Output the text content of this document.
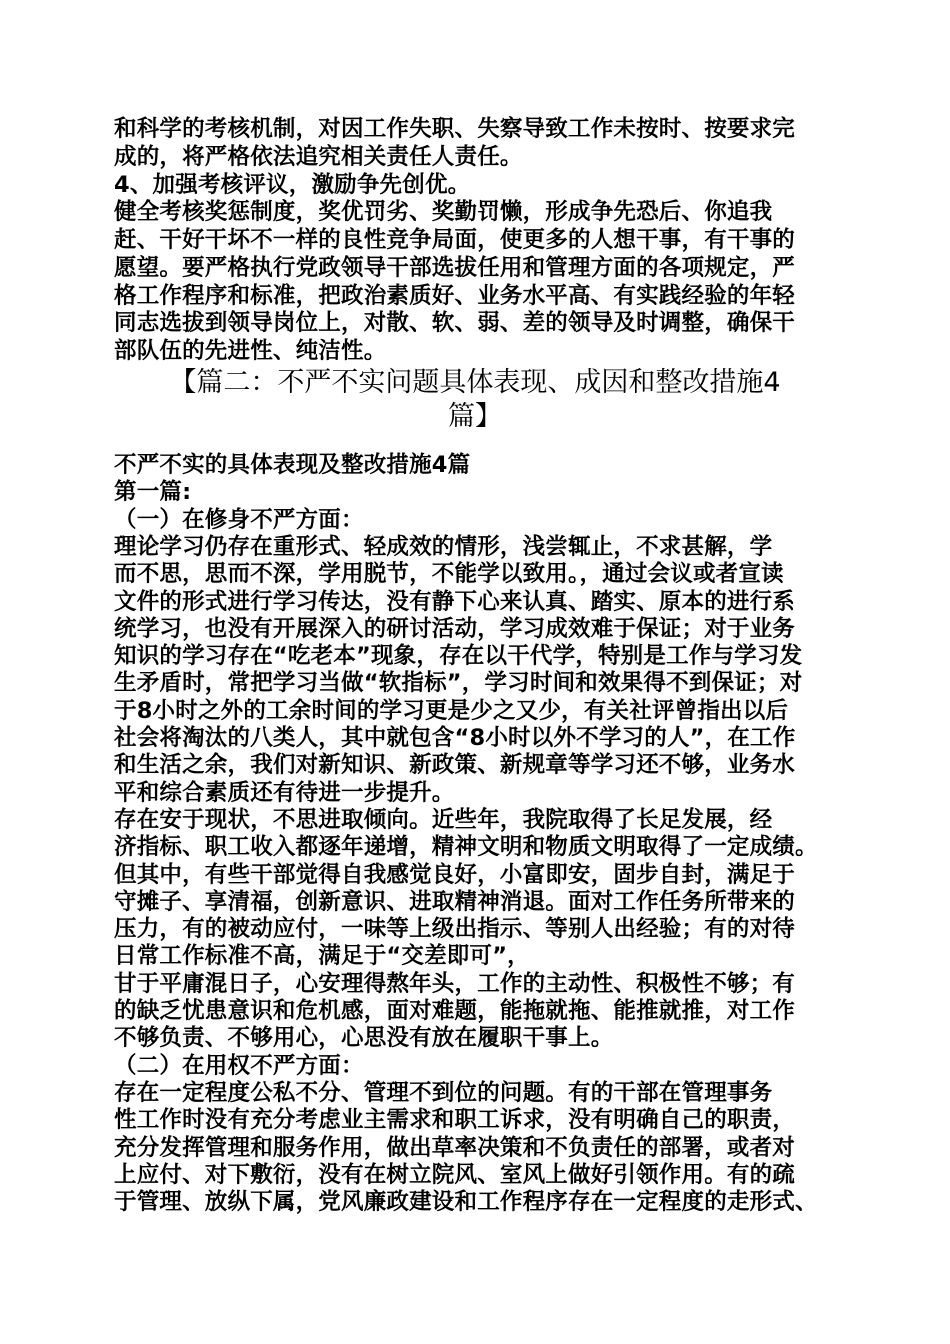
和科学的考核机制，对因工作失职、失察导致工作未按时、按要求完
成的，将严格依法追究相关责任人责任。
4、加强考核评议，激励争先创优。
健全考核奖惩制度，奖优罚劣、奖勤罚懒，形成争先恐后、你追我
赶、干好干坏不一样的良性竞争局面，使更多的人想干事，有干事的
愿望。要严格执行党政领导干部选拔任用和管理方面的各项规定，严
格工作程序和标准，把政治素质好、业务水平高、有实践经验的年轻
同志选拔到领导岗位上，对散、软、弱、差的领导及时调整，确保干
部队伍的先进性、纯洁性。
【篇二：不严不实问题具体表现、成因和整改措施4
篇】
不严不实的具体表现及整改措施4篇
第一篇:
（一）在修身不严方面：
理论学习仍存在重形式、轻成效的情形，浅尝辄止，不求甚解，学
而不思，思而不深，学用脱节，不能学以致用。，通过会议或者宣读
文件的形式进行学习传达，没有静下心来认真、踏实、原本的进行系
统学习，也没有开展深入的研讨活动，学习成效难于保证；对于业务
知识的学习存在“吃老本”现象，存在以干代学，特别是工作与学习发
生矛盾时，常把学习当做“软指标”，学习时间和效果得不到保证；对
于8小时之外的工余时间的学习更是少之又少，有关社评曾指出以后
社会将淘汰的八类人，其中就包含“8小时以外不学习的人”，在工作
和生活之余，我们对新知识、新政策、新规章等学习还不够，业务水
平和综合素质还有待进一步提升。
存在安于现状，不思进取倾向。近些年，我院取得了长足发展，经
济指标、职工收入都逐年递增，精神文明和物质文明取得了一定成绩。
但其中，有些干部觉得自我感觉良好，小富即安，固步自封，满足于
守摊子、享清福，创新意识、进取精神消退。面对工作任务所带来的
压力，有的被动应付，一味等上级出指示、等别人出经验；有的对待
日常工作标准不高，满足于“交差即可”，
甘于平庸混日子，心安理得熬年头，工作的主动性、积极性不够；有
的缺乏忧患意识和危机感，面对难题，能拖就拖、能推就推，对工作
不够负责、不够用心，心思没有放在履职干事上。
（二）在用权不严方面：
存在一定程度公私不分、管理不到位的问题。有的干部在管理事务
性工作时没有充分考虑业主需求和职工诉求，没有明确自己的职责，
充分发挥管理和服务作用，做出草率决策和不负责任的部署，或者对
上应付、对下敷衍，没有在树立院风、室风上做好引领作用。有的疏
于管理、放纵下属，党风廉政建设和工作程序存在一定程度的走形式、
